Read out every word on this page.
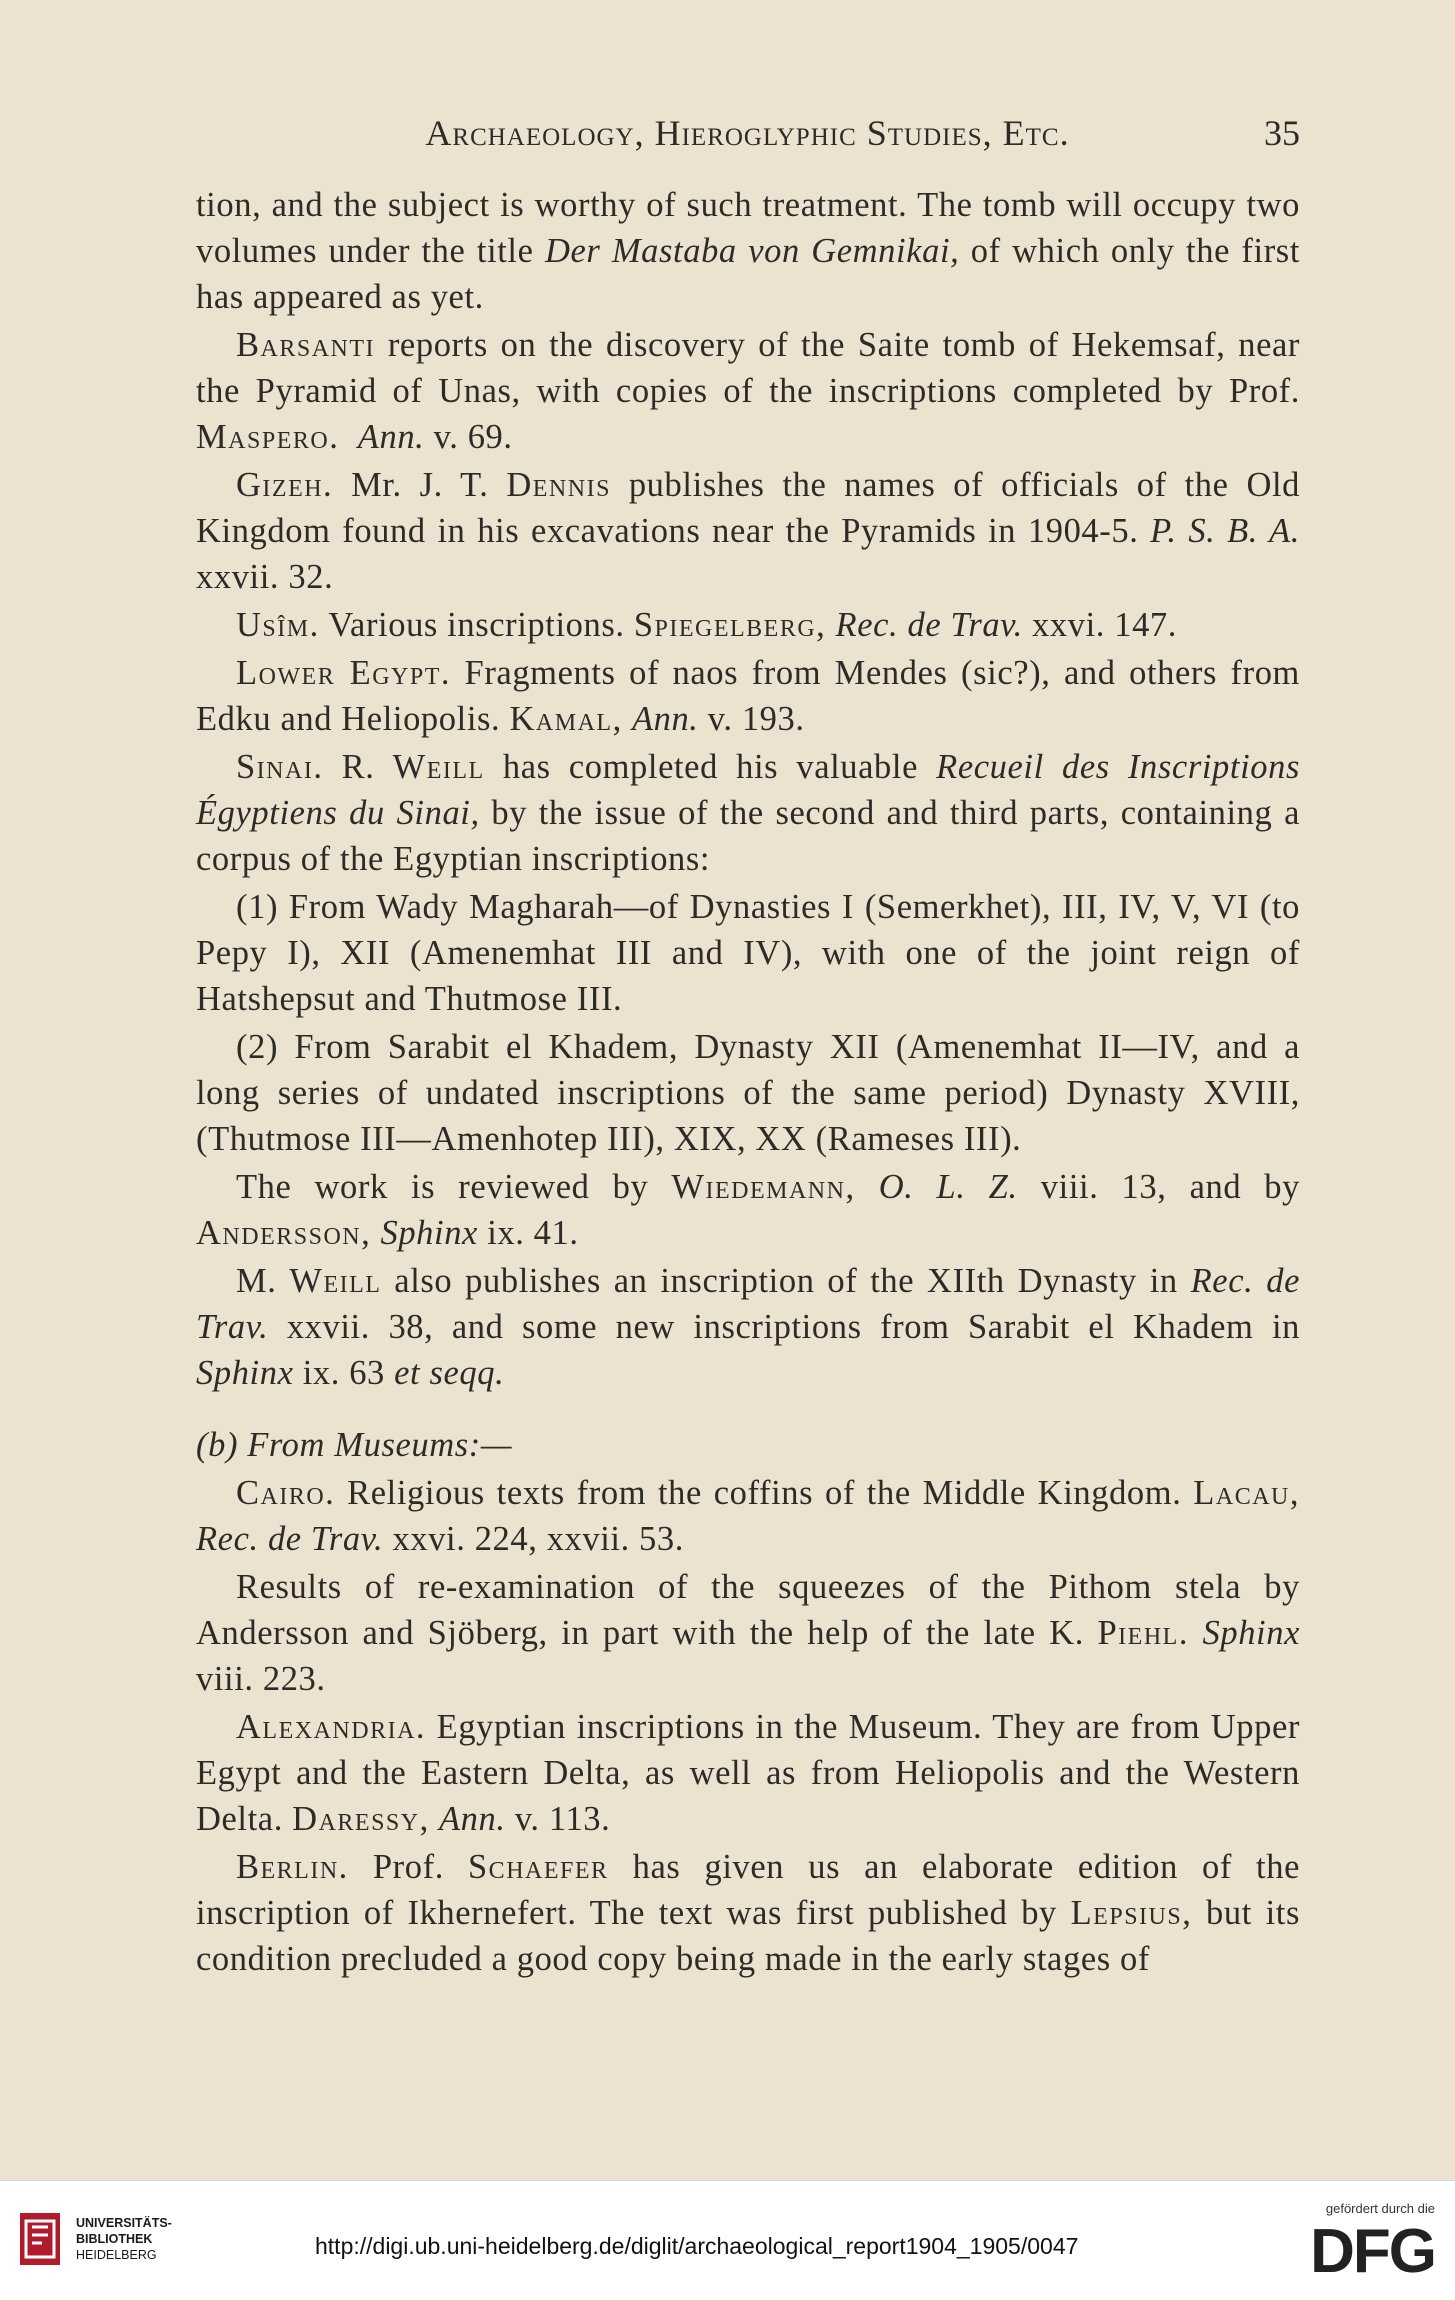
Archaeology, Hieroglyphic Studies, Etc.	35

tion, and the subject is worthy of such treatment. The tomb will occupy two volumes under the title Der Mastaba von Gemnikai, of which only the first has appeared as yet.

Barsanti reports on the discovery of the Saite tomb of Hekemsaf, near the Pyramid of Unas, with copies of the inscriptions completed by Prof. Maspero. Ann. v. 69.

Gizeh. Mr. J. T. Dennis publishes the names of officials of the Old Kingdom found in his excavations near the Pyramids in 1904-5. P. S. B. A. xxvii. 32.

Usîm. Various inscriptions. Spiegelberg, Rec. de Trav. xxvi. 147.

Lower Egypt. Fragments of naos from Mendes (sic?), and others from Edku and Heliopolis. Kamal, Ann. v. 193.

Sinai. R. Weill has completed his valuable Recueil des Inscriptions Égyptiens du Sinai, by the issue of the second and third parts, containing a corpus of the Egyptian inscriptions:

(1) From Wady Magharah—of Dynasties I (Semerkhet), III, IV, V, VI (to Pepy I), XII (Amenemhat III and IV), with one of the joint reign of Hatshepsut and Thutmose III.

(2) From Sarabit el Khadem, Dynasty XII (Amenemhat II—IV, and a long series of undated inscriptions of the same period) Dynasty XVIII, (Thutmose III—Amenhotep III), XIX, XX (Rameses III).

The work is reviewed by Wiedemann, O. L. Z. viii. 13, and by Andersson, Sphinx ix. 41.

M. Weill also publishes an inscription of the XIIth Dynasty in Rec. de Trav. xxvii. 38, and some new inscriptions from Sarabit el Khadem in Sphinx ix. 63 et seqq.

(b) From Museums:—

Cairo. Religious texts from the coffins of the Middle Kingdom. Lacau, Rec. de Trav. xxvi. 224, xxvii. 53.

Results of re-examination of the squeezes of the Pithom stela by Andersson and Sjöberg, in part with the help of the late K. Piehl. Sphinx viii. 223.

Alexandria. Egyptian inscriptions in the Museum. They are from Upper Egypt and the Eastern Delta, as well as from Heliopolis and the Western Delta. Daressy, Ann. v. 113.

Berlin. Prof. Schaefer has given us an elaborate edition of the inscription of Ikhernefert. The text was first published by Lepsius, but its condition precluded a good copy being made in the early stages of

UNIVERSITÄTS-
BIBLIOTHEK
HEIDELBERG	http://digi.ub.uni-heidelberg.de/diglit/archaeological_report1904_1905/0047
gefördert durch die
DFG
